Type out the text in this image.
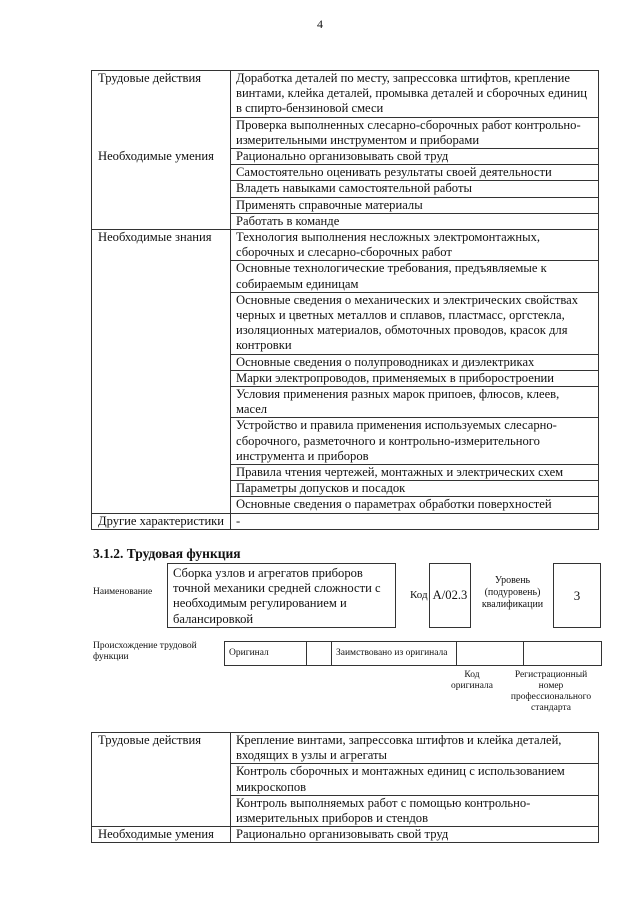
4
Трудовые действия	Доработка деталей по месту, запрессовка штифтов, крепление винтами, клейка деталей, промывка деталей и сборочных единиц в спирто-бензиновой смеси
	Проверка выполненных слесарно-сборочных работ контрольно-измерительными инструментом и приборами
Необходимые умения	Рационально организовывать свой труд
	Самостоятельно оценивать результаты своей деятельности
	Владеть навыками самостоятельной работы
	Применять справочные материалы
	Работать в команде
Необходимые знания	Технология выполнения несложных электромонтажных, сборочных и слесарно-сборочных работ
	Основные технологические требования, предъявляемые к собираемым единицам
	Основные сведения о механических и электрических свойствах черных и цветных металлов и сплавов, пластмасс, оргстекла, изоляционных материалов, обмоточных проводов, красок для контровки
	Основные сведения о полупроводниках и диэлектриках
	Марки электропроводов, применяемых в приборостроении
	Условия применения разных марок припоев, флюсов, клеев, масел
	Устройство и правила применения используемых слесарно-сборочного, разметочного и контрольно-измерительного инструмента и приборов
	Правила чтения чертежей, монтажных и электрических схем
	Параметры допусков и посадок
	Основные сведения о параметрах обработки поверхностей
Другие характеристики	-
3.1.2. Трудовая функция
Наименование
Сборка узлов и агрегатов приборов точной механики средней сложности с необходимым регулированием и балансировкой
Код A/02.3
Уровень (подуровень) квалификации
3
Происхождение трудовой функции	Оригинал		Заимствовано из оригинала		
Код оригинала
Регистрационный номер профессионального стандарта
Трудовые действия	Крепление винтами, запрессовка штифтов и клейка деталей, входящих в узлы и агрегаты
	Контроль сборочных и монтажных единиц с использованием микроскопов
	Контроль выполняемых работ с помощью контрольно-измерительных приборов и стендов
Необходимые умения	Рационально организовывать свой труд
